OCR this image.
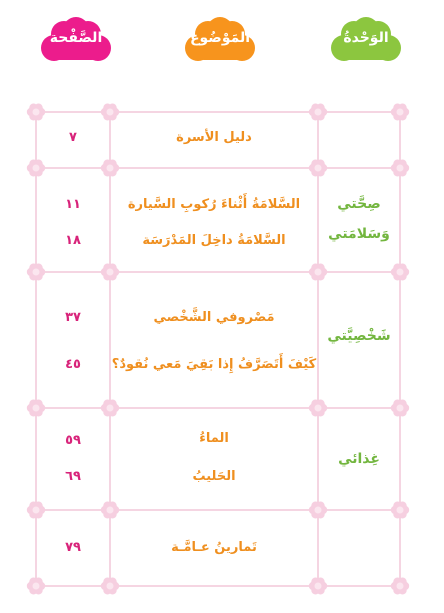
الصَّفْحة	المَوْضُوع	الوَحْدةُ
دليل الأسرة
٧
صِحَّتي
وَسَلامَتي
السَّلامَةُ أَثْناءَ رُكوبِ السَّيارة
السَّلامَةُ داخِلَ المَدْرَسَة
١١
١٨
شَخْصِيَّتي
مَصْروفي الشَّخْصي
كَيْفَ أَتَصَرَّفُ إِذا بَقِيَ مَعي نُقودٌ؟
٣٧
٤٥
غِذائي
الماءُ
الحَليبُ
٥٩
٦٩
تَمارينُ عـامَّـة
٧٩
